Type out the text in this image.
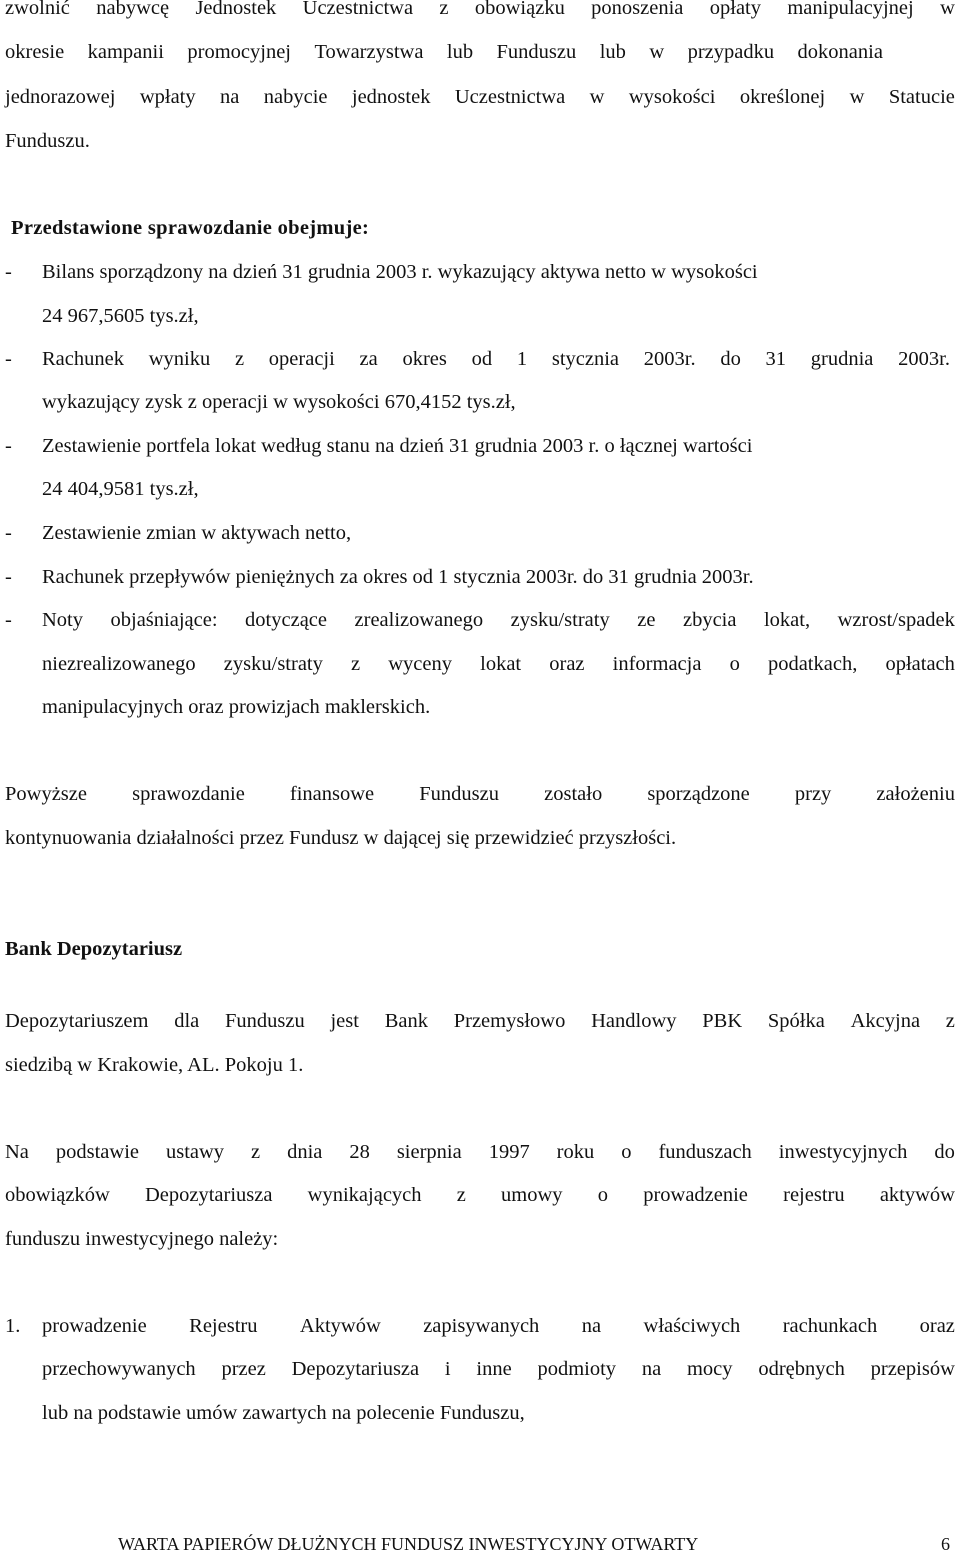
zwolnić nabywcę Jednostek Uczestnictwa z obowiązku ponoszenia opłaty manipulacyjnej w
okresie kampanii promocyjnej Towarzystwa lub Funduszu lub w przypadku dokonania
jednorazowej wpłaty na nabycie jednostek Uczestnictwa w wysokości określonej w Statucie
Funduszu.
Przedstawione sprawozdanie obejmuje:
- Bilans sporządzony na dzień 31 grudnia 2003 r. wykazujący aktywa netto w wysokości
24 967,5605 tys.zł,
- Rachunek wyniku z operacji za okres od 1 stycznia 2003r. do 31 grudnia 2003r.
wykazujący zysk z operacji w wysokości 670,4152 tys.zł,
- Zestawienie portfela lokat według stanu na dzień 31 grudnia 2003 r. o łącznej wartości
24 404,9581 tys.zł,
- Zestawienie zmian w aktywach netto,
- Rachunek przepływów pieniężnych za okres od 1 stycznia 2003r. do 31 grudnia 2003r.
- Noty objaśniające: dotyczące zrealizowanego zysku/straty ze zbycia lokat, wzrost/spadek
niezrealizowanego zysku/straty z wyceny lokat oraz informacja o podatkach, opłatach
manipulacyjnych oraz prowizjach maklerskich.
Powyższe sprawozdanie finansowe Funduszu zostało sporządzone przy założeniu
kontynuowania działalności przez Fundusz w dającej się przewidzieć przyszłości.
Bank Depozytariusz
Depozytariuszem dla Funduszu jest Bank Przemysłowo Handlowy PBK Spółka Akcyjna z
siedzibą w Krakowie, AL. Pokoju 1.
Na podstawie ustawy z dnia 28 sierpnia 1997 roku o funduszach inwestycyjnych do
obowiązków Depozytariusza wynikających z umowy o prowadzenie rejestru aktywów
funduszu inwestycyjnego należy:
1. prowadzenie Rejestru Aktywów zapisywanych na właściwych rachunkach oraz
przechowywanych przez Depozytariusza i inne podmioty na mocy odrębnych przepisów
lub na podstawie umów zawartych na polecenie Funduszu,
WARTA PAPIERÓW DŁUŻNYCH FUNDUSZ INWESTYCYJNY OTWARTY	6
